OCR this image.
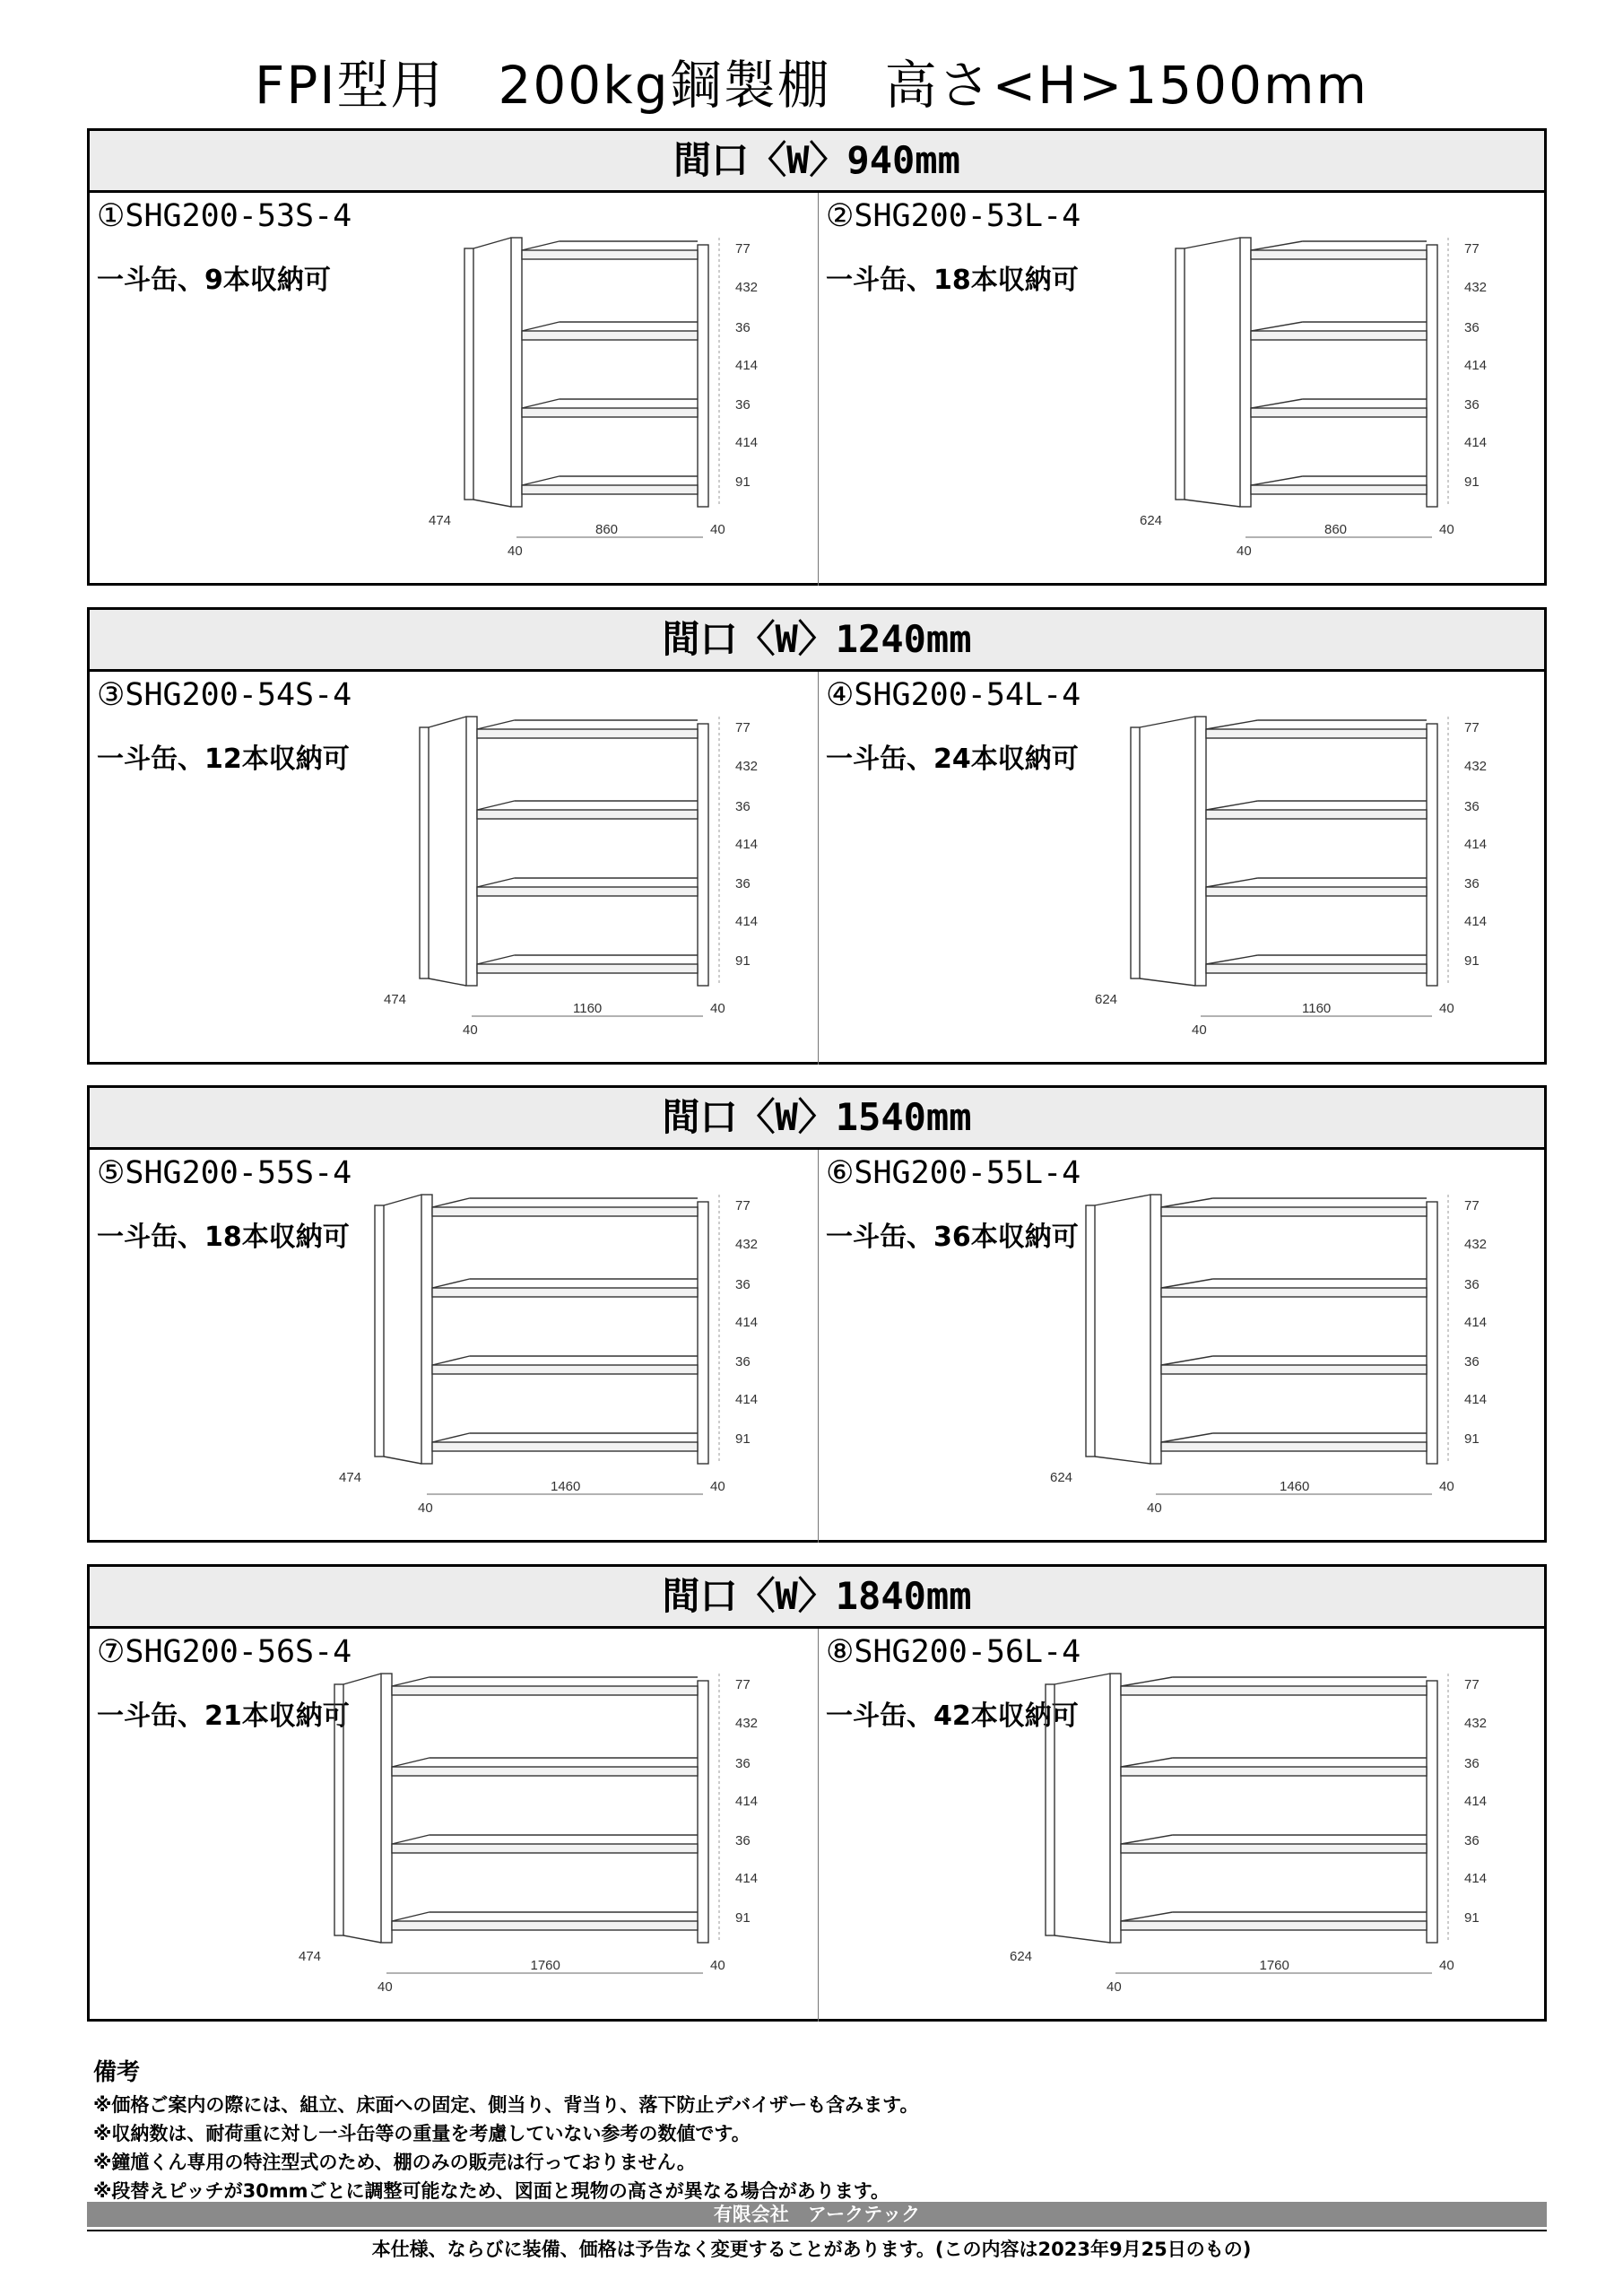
FPI型用　200kg鋼製棚　高さ<H>1500mm
間口〈W〉940mm
①SHG200-53S-4
一斗缶、9本収納可
77
432
36
414
36
414
91
474
860
40
40
②SHG200-53L-4
一斗缶、18本収納可
77
432
36
414
36
414
91
624
860
40
40
間口〈W〉1240mm
③SHG200-54S-4
一斗缶、12本収納可
77
432
36
414
36
414
91
474
1160
40
40
④SHG200-54L-4
一斗缶、24本収納可
77
432
36
414
36
414
91
624
1160
40
40
間口〈W〉1540mm
⑤SHG200-55S-4
一斗缶、18本収納可
77
432
36
414
36
414
91
474
1460
40
40
⑥SHG200-55L-4
一斗缶、36本収納可
77
432
36
414
36
414
91
624
1460
40
40
間口〈W〉1840mm
⑦SHG200-56S-4
一斗缶、21本収納可
77
432
36
414
36
414
91
474
1760
40
40
⑧SHG200-56L-4
一斗缶、42本収納可
77
432
36
414
36
414
91
624
1760
40
40
備考
※価格ご案内の際には、組立、床面への固定、側当り、背当り、落下防止デバイザーも含みます。
※収納数は、耐荷重に対し一斗缶等の重量を考慮していない参考の数値です。
※鐘馗くん専用の特注型式のため、棚のみの販売は行っておりません。
※段替えピッチが30mmごとに調整可能なため、図面と現物の高さが異なる場合があります。
有限会社　アークテック
本仕様、ならびに装備、価格は予告なく変更することがあります。(この内容は2023年9月25日のもの)
